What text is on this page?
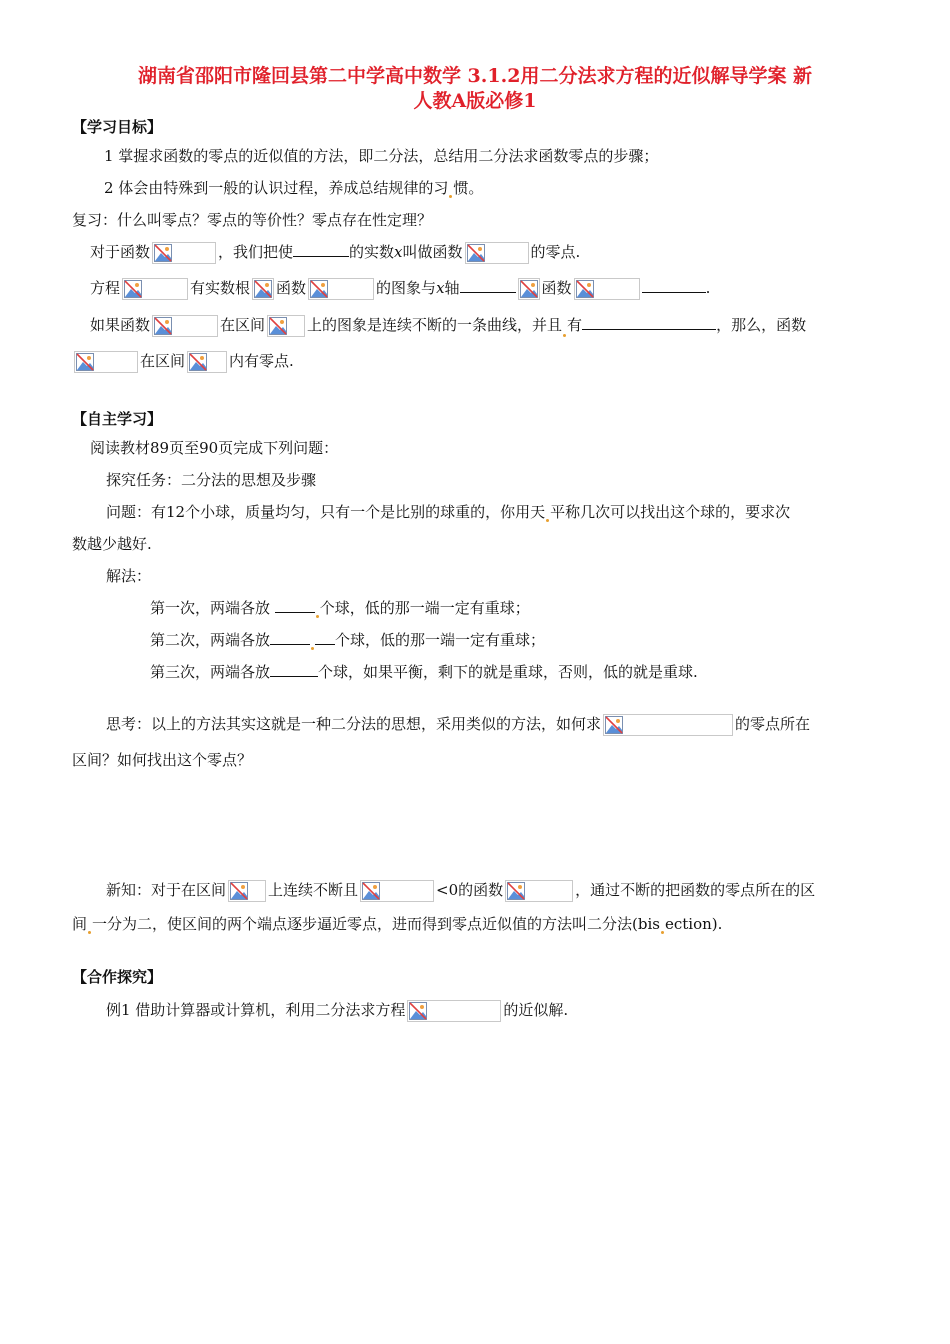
湖南省邵阳市隆回县第二中学高中数学 3.1.2用二分法求方程的近似解导学案 新
人教A版必修1
【学习目标】
1 掌握求函数的零点的近似值的方法，即二分法，总结用二分法求函数零点的步骤；
2 体会由特殊到一般的认识过程，养成总结规律的习 惯。
复习：什么叫零点？零点的等价性？零点存在性定理？
对于函数	，我们把使	的实数x叫做函数	的零点.
方程	有实数根 函数	的图象与x轴	函数	.
如果函数	在区间	上的图象是连续不断的一条曲线，并且 有	，那么，函数
在区间	内有零点.
【自主学习】
阅读教材89页至90页完成下列问题：
探究任务：二分法的思想及步骤
问题：有12个小球，质量均匀，只有一个是比别的球重的，你用天 平称几次可以找出这个球的，要求次
数越少越好.
解法：
第一次，两端各放	个球，低的那一端一定有重球；
第二次，两端各放	个球，低的那一端一定有重球；
第三次，两端各放	个球，如果平衡，剩下的就是重球，否则，低的就是重球.
思考：以上的方法其实这就是一种二分法的思想，采用类似的方法，如何求	的零点所在
区间？如何找出这个零点？
新知：对于在区间	上连续不断且	<0的函数	，通过不断的把函数的零点所在的区
间 一分为二，使区间的两个端点逐步逼近零点，进而得到零点近似值的方法叫二分法(bis ection).
【合作探究】
例1 借助计算器或计算机，利用二分法求方程	的近似解.
